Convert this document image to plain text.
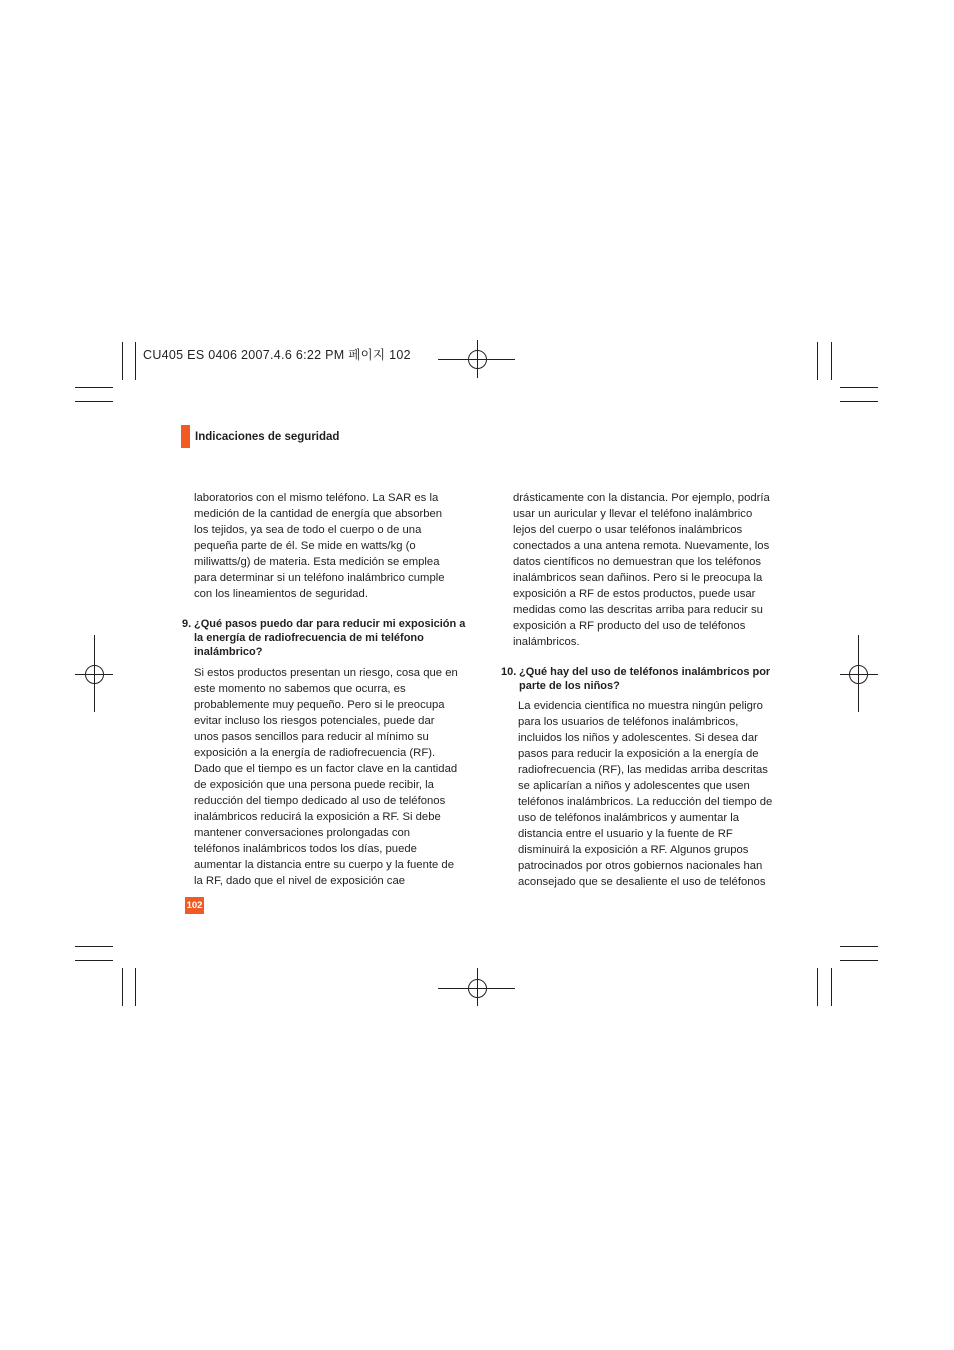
CU405 ES 0406 2007.4.6 6:22 PM 페이지 102
Indicaciones de seguridad
laboratorios con el mismo teléfono. La SAR es la
medición de la cantidad de energía que absorben
los tejidos, ya sea de todo el cuerpo o de una
pequeña parte de él. Se mide en watts/kg (o
miliwatts/g) de materia. Esta medición se emplea
para determinar si un teléfono inalámbrico cumple
con los lineamientos de seguridad.
9. ¿Qué pasos puedo dar para reducir mi exposición a
la energía de radiofrecuencia de mi teléfono
inalámbrico?
Si estos productos presentan un riesgo, cosa que en
este momento no sabemos que ocurra, es
probablemente muy pequeño. Pero si le preocupa
evitar incluso los riesgos potenciales, puede dar
unos pasos sencillos para reducir al mínimo su
exposición a la energía de radiofrecuencia (RF).
Dado que el tiempo es un factor clave en la cantidad
de exposición que una persona puede recibir, la
reducción del tiempo dedicado al uso de teléfonos
inalámbricos reducirá la exposición a RF. Si debe
mantener conversaciones prolongadas con
teléfonos inalámbricos todos los días, puede
aumentar la distancia entre su cuerpo y la fuente de
la RF, dado que el nivel de exposición cae
drásticamente con la distancia. Por ejemplo, podría
usar un auricular y llevar el teléfono inalámbrico
lejos del cuerpo o usar teléfonos inalámbricos
conectados a una antena remota. Nuevamente, los
datos científicos no demuestran que los teléfonos
inalámbricos sean dañinos. Pero si le preocupa la
exposición a RF de estos productos, puede usar
medidas como las descritas arriba para reducir su
exposición a RF producto del uso de teléfonos
inalámbricos.
10. ¿Qué hay del uso de teléfonos inalámbricos por
parte de los niños?
La evidencia científica no muestra ningún peligro
para los usuarios de teléfonos inalámbricos,
incluidos los niños y adolescentes. Si desea dar
pasos para reducir la exposición a la energía de
radiofrecuencia (RF), las medidas arriba descritas
se aplicarían a niños y adolescentes que usen
teléfonos inalámbricos. La reducción del tiempo de
uso de teléfonos inalámbricos y aumentar la
distancia entre el usuario y la fuente de RF
disminuirá la exposición a RF. Algunos grupos
patrocinados por otros gobiernos nacionales han
aconsejado que se desaliente el uso de teléfonos
102
